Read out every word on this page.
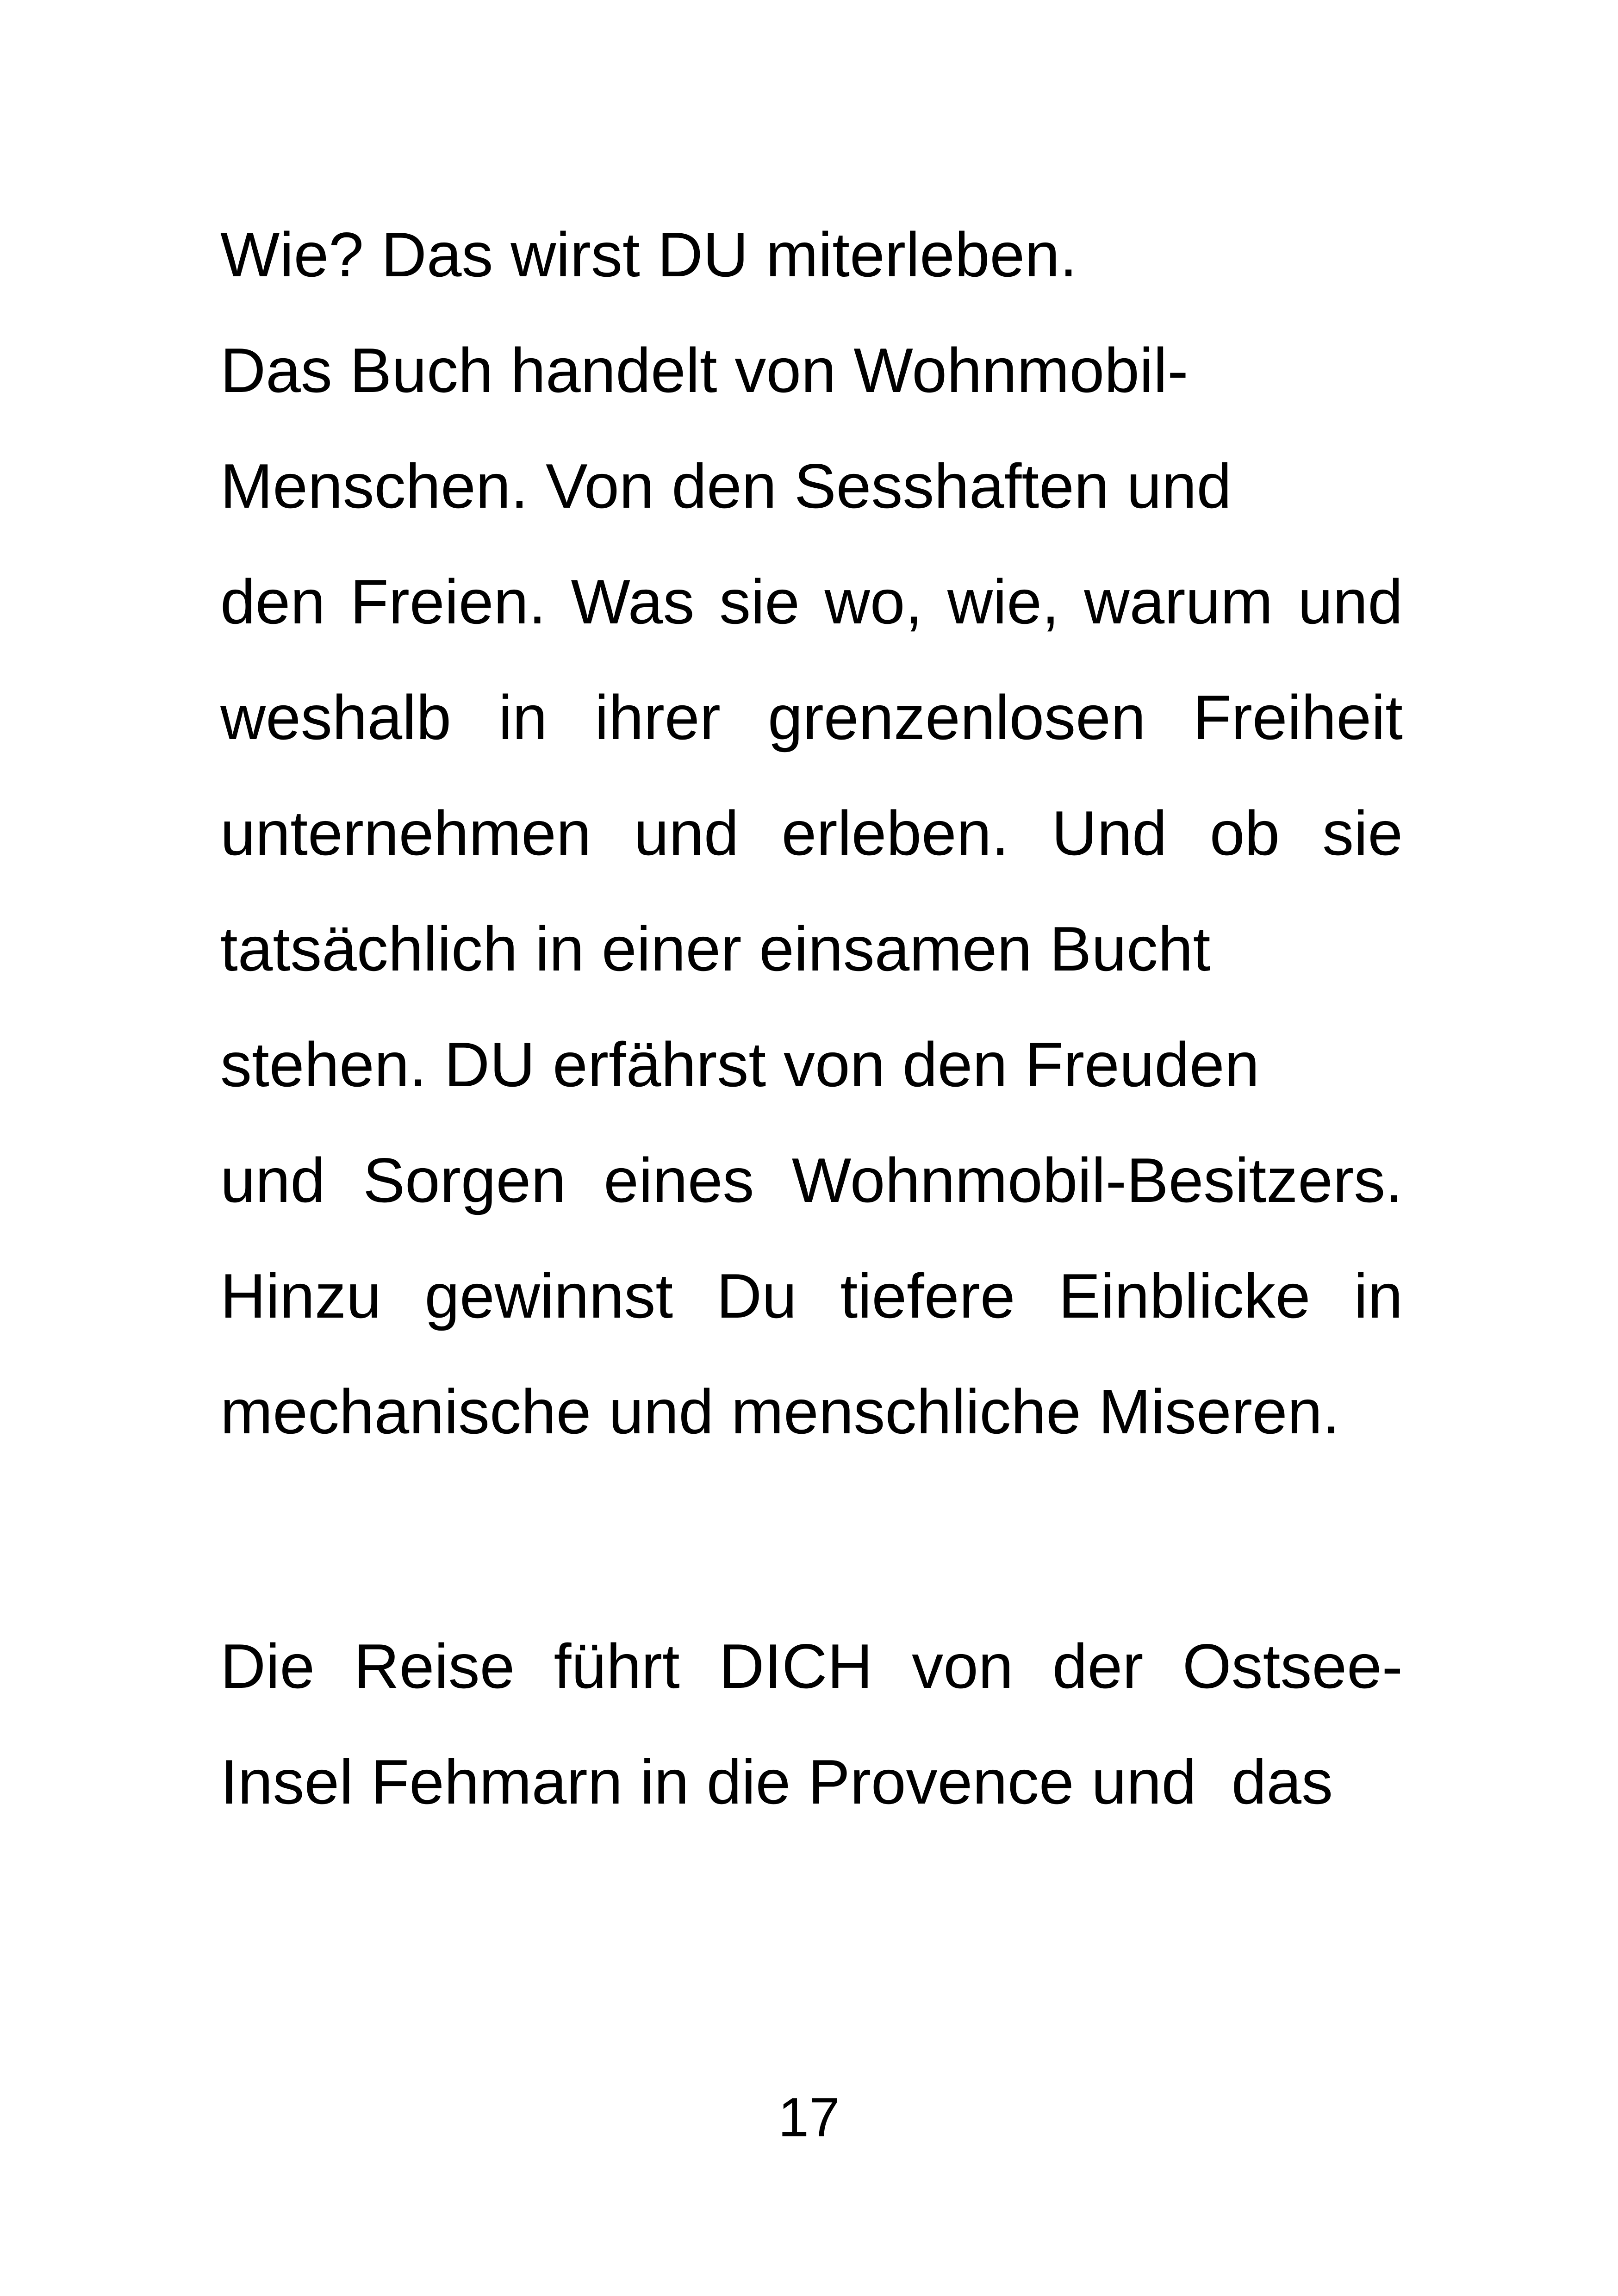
Wie? Das wirst DU miterleben.
Das Buch handelt von Wohnmobil-
Menschen. Von den Sesshaften und
den Freien. Was sie wo, wie, warum und
weshalb in ihrer grenzenlosen Freiheit
unternehmen und erleben. Und ob sie
tatsächlich in einer einsamen Bucht
stehen. DU erfährst von den Freuden
und Sorgen eines Wohnmobil-Besitzers.
Hinzu gewinnst Du tiefere Einblicke in
mechanische und menschliche Miseren.
Die Reise führt DICH von der Ostsee-
Insel Fehmarn in die Provence und  das
17
